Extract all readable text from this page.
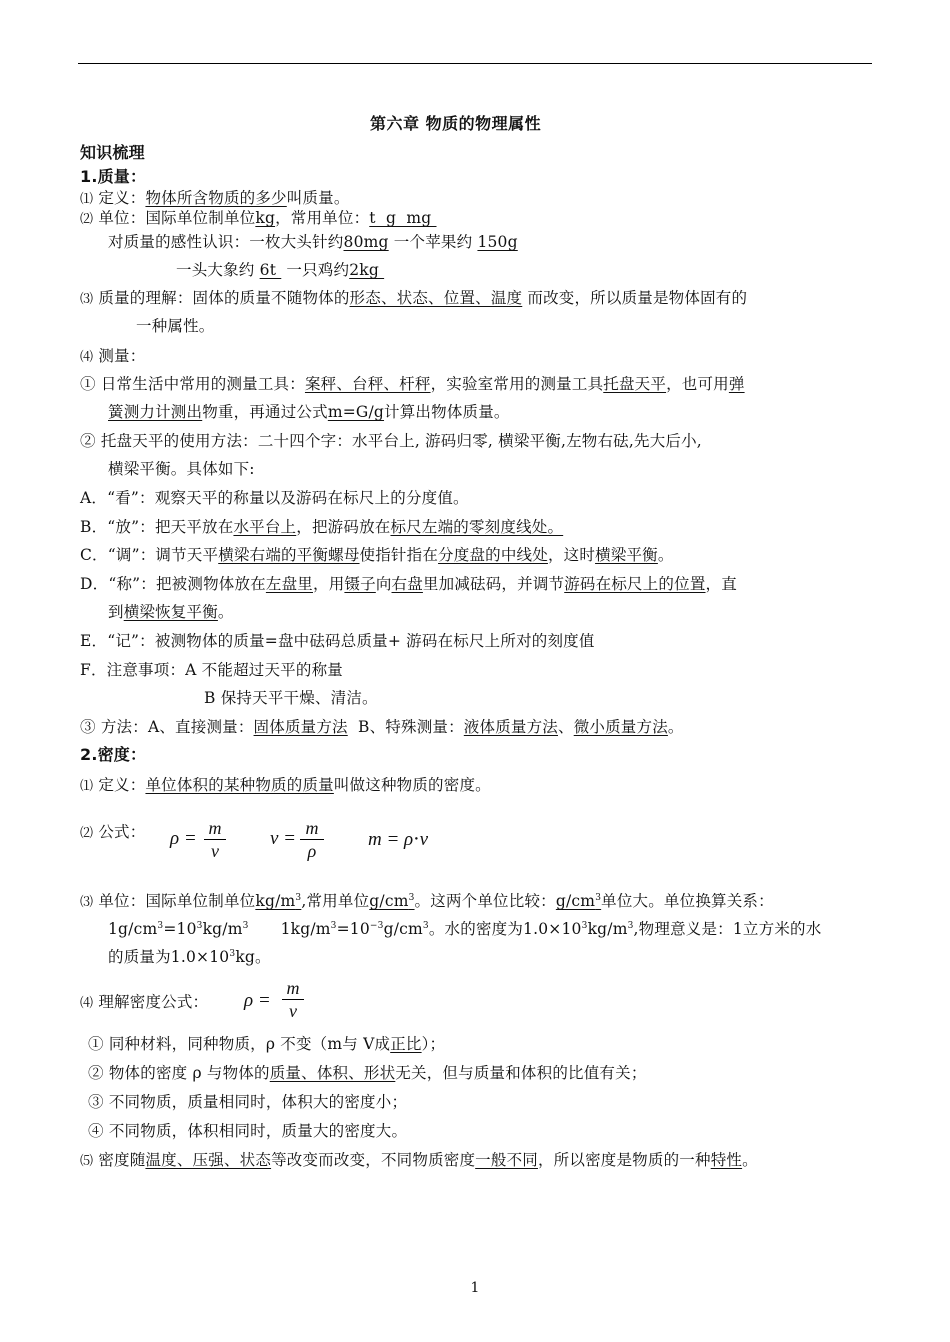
第六章 物质的物理属性
知识梳理
1.质量：
⑴ 定义：物体所含物质的多少叫质量。
⑵ 单位：国际单位制单位kg，常用单位：t  g  mg
对质量的感性认识：一枚大头针约80mg 一个苹果约 150g
一头大象约 6t  一只鸡约2kg
⑶ 质量的理解：固体的质量不随物体的形态、状态、位置、温度 而改变，所以质量是物体固有的
一种属性。
⑷ 测量：
① 日常生活中常用的测量工具：案秤、台秤、杆秤，实验室常用的测量工具托盘天平，也可用弹
簧测力计测出物重，再通过公式m=G/g计算出物体质量。
② 托盘天平的使用方法：二十四个字：水平台上, 游码归零, 横梁平衡,左物右砝,先大后小,
横梁平衡。具体如下:
A．“看”：观察天平的称量以及游码在标尺上的分度值。
B．“放”：把天平放在水平台上，把游码放在标尺左端的零刻度线处。
C．“调”：调节天平横梁右端的平衡螺母使指针指在分度盘的中线处，这时横梁平衡。
D．“称”：把被测物体放在左盘里，用镊子向右盘里加减砝码，并调节游码在标尺上的位置，直
到横梁恢复平衡。
E．“记”：被测物体的质量=盘中砝码总质量+ 游码在标尺上所对的刻度值
F．注意事项：A 不能超过天平的称量
B 保持天平干燥、清洁。
③ 方法：A、直接测量：固体质量方法  B、特殊测量：液体质量方法、微小质量方法。
2.密度：
⑴ 定义：单位体积的某种物质的质量叫做这种物质的密度。
⑵ 公式： ρ = m
v
v = m
ρ
m = ρ⋅v
⑶ 单位：国际单位制单位$kg/m^3$,常用单位$g/cm^3$。这两个单位比较：$g/cm^3$单位大。单位换算关系：
$1g/cm^3=10^3kg/m^3$ $1kg/m^3=10^{-3}g/cm^3$。水的密度为$1.0\times 10^3kg/m^3$,物理意义是：1立方米的水
的质量为$1.0\times 10^3kg$。
⑷ 理解密度公式： ρ =
m
v
① 同种材料，同种物质，ρ 不变（m与 V成正比）；
② 物体的密度 ρ 与物体的质量、体积、形状无关，但与质量和体积的比值有关；
③ 不同物质，质量相同时，体积大的密度小；
④ 不同物质，体积相同时，质量大的密度大。
⑸ 密度随温度、压强、状态等改变而改变，不同物质密度一般不同，所以密度是物质的一种特性。
1
